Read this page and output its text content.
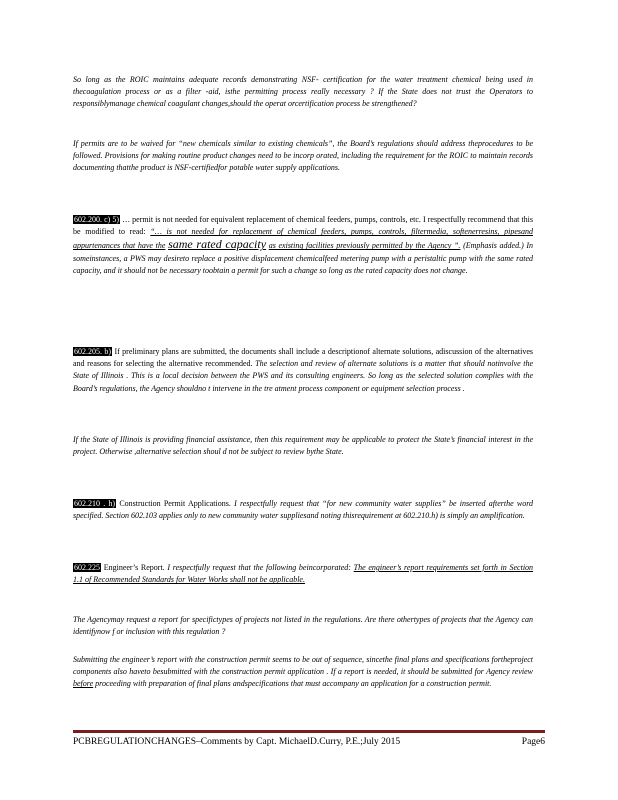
So long as the ROIC maintains adequate records demonstrating NSF- certification for the water treatment chemical being used in thecoagulation process or as a filter -aid, isthe permitting process really necessary ? If the State does not trust the Operators to responsiblymanage chemical coagulant changes,should the operat orcertification process be strengthened?
If permits are to be waived for “new chemicals similar to existing chemicals”, the Board’s regulations should address theprocedures to be followed. Provisions for making routine product changes need to be incorp orated, including the requirement for the ROIC to maintain records documenting thatthe product is NSF-certifiedfor potable water supply applications.
602.200. c) 5) … permit is not needed for equivalent replacement of chemical feeders, pumps, controls, etc. I respectfully recommend that this be modified to read: “… is not needed for replacement of chemical feeders, pumps, controls, filtermedia, softenerresins, pipesand appurtenances that have the same rated capacity as existing facilities previously permitted by the Agency ”. (Emphasis added.) In someinstances, a PWS may desireto replace a positive displacement chemicalfeed metering pump with a peristaltic pump with the same rated capacity, and it should not be necessary toobtain a permit for such a change so long as the rated capacity does not change.
602.205. b) If preliminary plans are submitted, the documents shall include a descriptionof alternate solutions, adiscussion of the alternatives and reasons for selecting the alternative recommended. The selection and review of alternate solutions is a matter that should notinvolve the State of Illinois . This is a local decision between the PWS and its consulting engineers. So long as the selected solution complies with the Board’s regulations, the Agency shouldno t intervene in the tre atment process component or equipment selection process .
If the State of Illinois is providing financial assistance, then this requirement may be applicable to protect the State’s financial interest in the project. Otherwise ,alternative selection shoul d not be subject to review bythe State.
602.210 . h) Construction Permit Applications. I respectfully request that “for new community water supplies” be inserted afterthe word specified. Section 602.103 applies only to new community water suppliesand noting thisrequirement at 602.210.h) is simply an amplification.
602.225 Engineer’s Report. I respectfully request that the following beincorporated: The engineer’s report requirements set forth in Section 1.1 of Recommended Standards for Water Works shall not be applicable.
The Agencymay request a report for specifictypes of projects not listed in the regulations. Are there othertypes of projects that the Agency can identifynow f or inclusion with this regulation ?
Submitting the engineer’s report with the construction permit seems to be out of sequence, sincethe final plans and specifications fortheproject components also haveto besubmitted with the construction permit application . If a report is needed, it should be submitted for Agency review before proceeding with preparation of final plans andspecifications that must accompany an application for a construction permit.
PCBREGULATIONCHANGES–Comments by Capt. MichaelD.Curry, P.E.;July 2015	Page6
